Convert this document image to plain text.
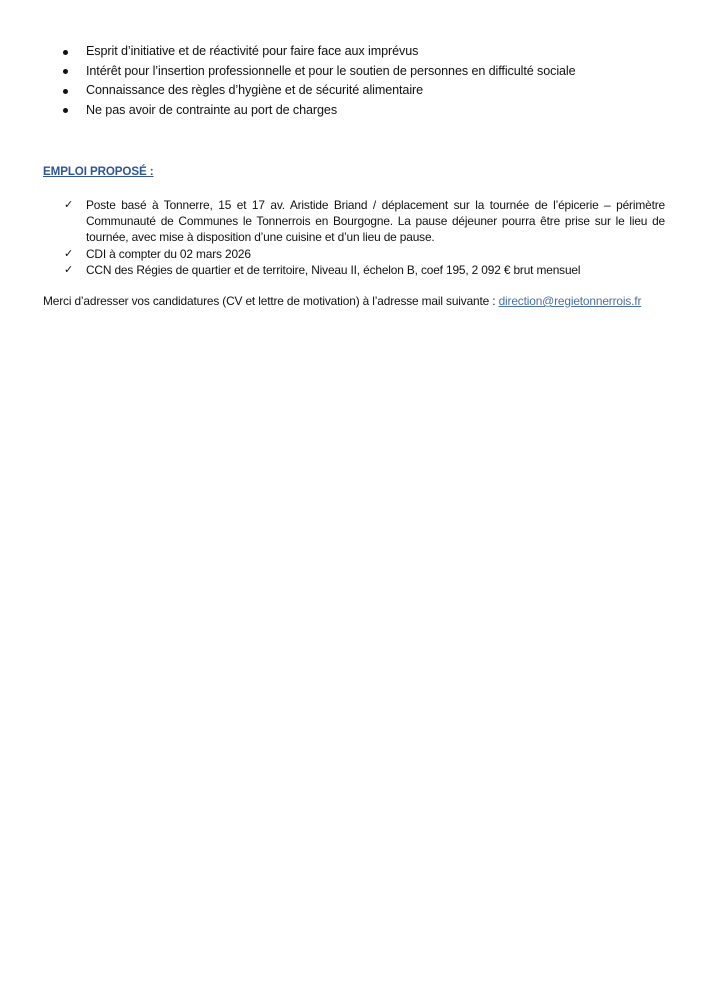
Esprit d’initiative et de réactivité pour faire face aux imprévus
Intérêt pour l’insertion professionnelle et pour le soutien de personnes en difficulté sociale
Connaissance des règles d’hygiène et de sécurité alimentaire
Ne pas avoir de contrainte au port de charges
EMPLOI PROPOSÉ :
✓ Poste basé à Tonnerre, 15 et 17 av. Aristide Briand / déplacement sur la tournée de l’épicerie – périmètre Communauté de Communes le Tonnerrois en Bourgogne. La pause déjeuner pourra être prise sur le lieu de tournée, avec mise à disposition d’une cuisine et d’un lieu de pause.
✓ CDI à compter du 02 mars 2026
✓ CCN des Régies de quartier et de territoire, Niveau II, échelon B, coef 195, 2 092 € brut mensuel
Merci d’adresser vos candidatures (CV et lettre de motivation) à l’adresse mail suivante : direction@regietonnerrois.fr
